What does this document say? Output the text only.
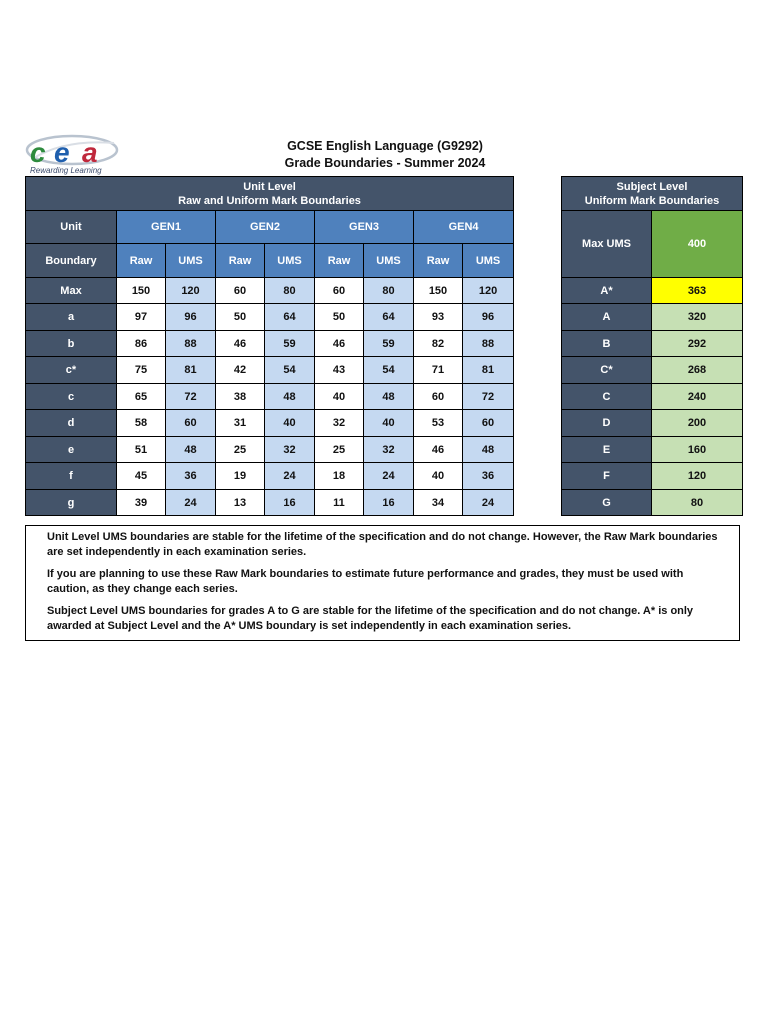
c e a
Rewarding Learning
GCSE English Language (G9292)
Grade Boundaries - Summer 2024
Unit Level
Raw and Uniform Mark Boundaries								

Unit	GEN1		GEN2		GEN3		GEN4	
Boundary	Raw	UMS	Raw	UMS	Raw	UMS	Raw	UMS
Max	150	120	60	80	60	80	150	120
a	97	96	50	64	50	64	93	96
b	86	88	46	59	46	59	82	88
c*	75	81	42	54	43	54	71	81
c	65	72	38	48	40	48	60	72
d	58	60	31	40	32	40	53	60
e	51	48	25	32	25	32	46	48
f	45	36	19	24	18	24	40	36
g	39	24	13	16	11	16	34	24
Subject Level
Uniform Mark Boundaries	

Max UMS	400
A*	363
A	320
B	292
C*	268
C	240
D	200
E	160
F	120
G	80

Unit Level UMS boundaries are stable for the lifetime of the specification and do not change. However, the Raw Mark boundaries are set independently in each examination series.

If you are planning to use these Raw Mark boundaries to estimate future performance and grades, they must be used with caution, as they change each series.

Subject Level UMS boundaries for grades A to G are stable for the lifetime of the specification and do not change. A* is only awarded at Subject Level and the A* UMS boundary is set independently in each examination series.
